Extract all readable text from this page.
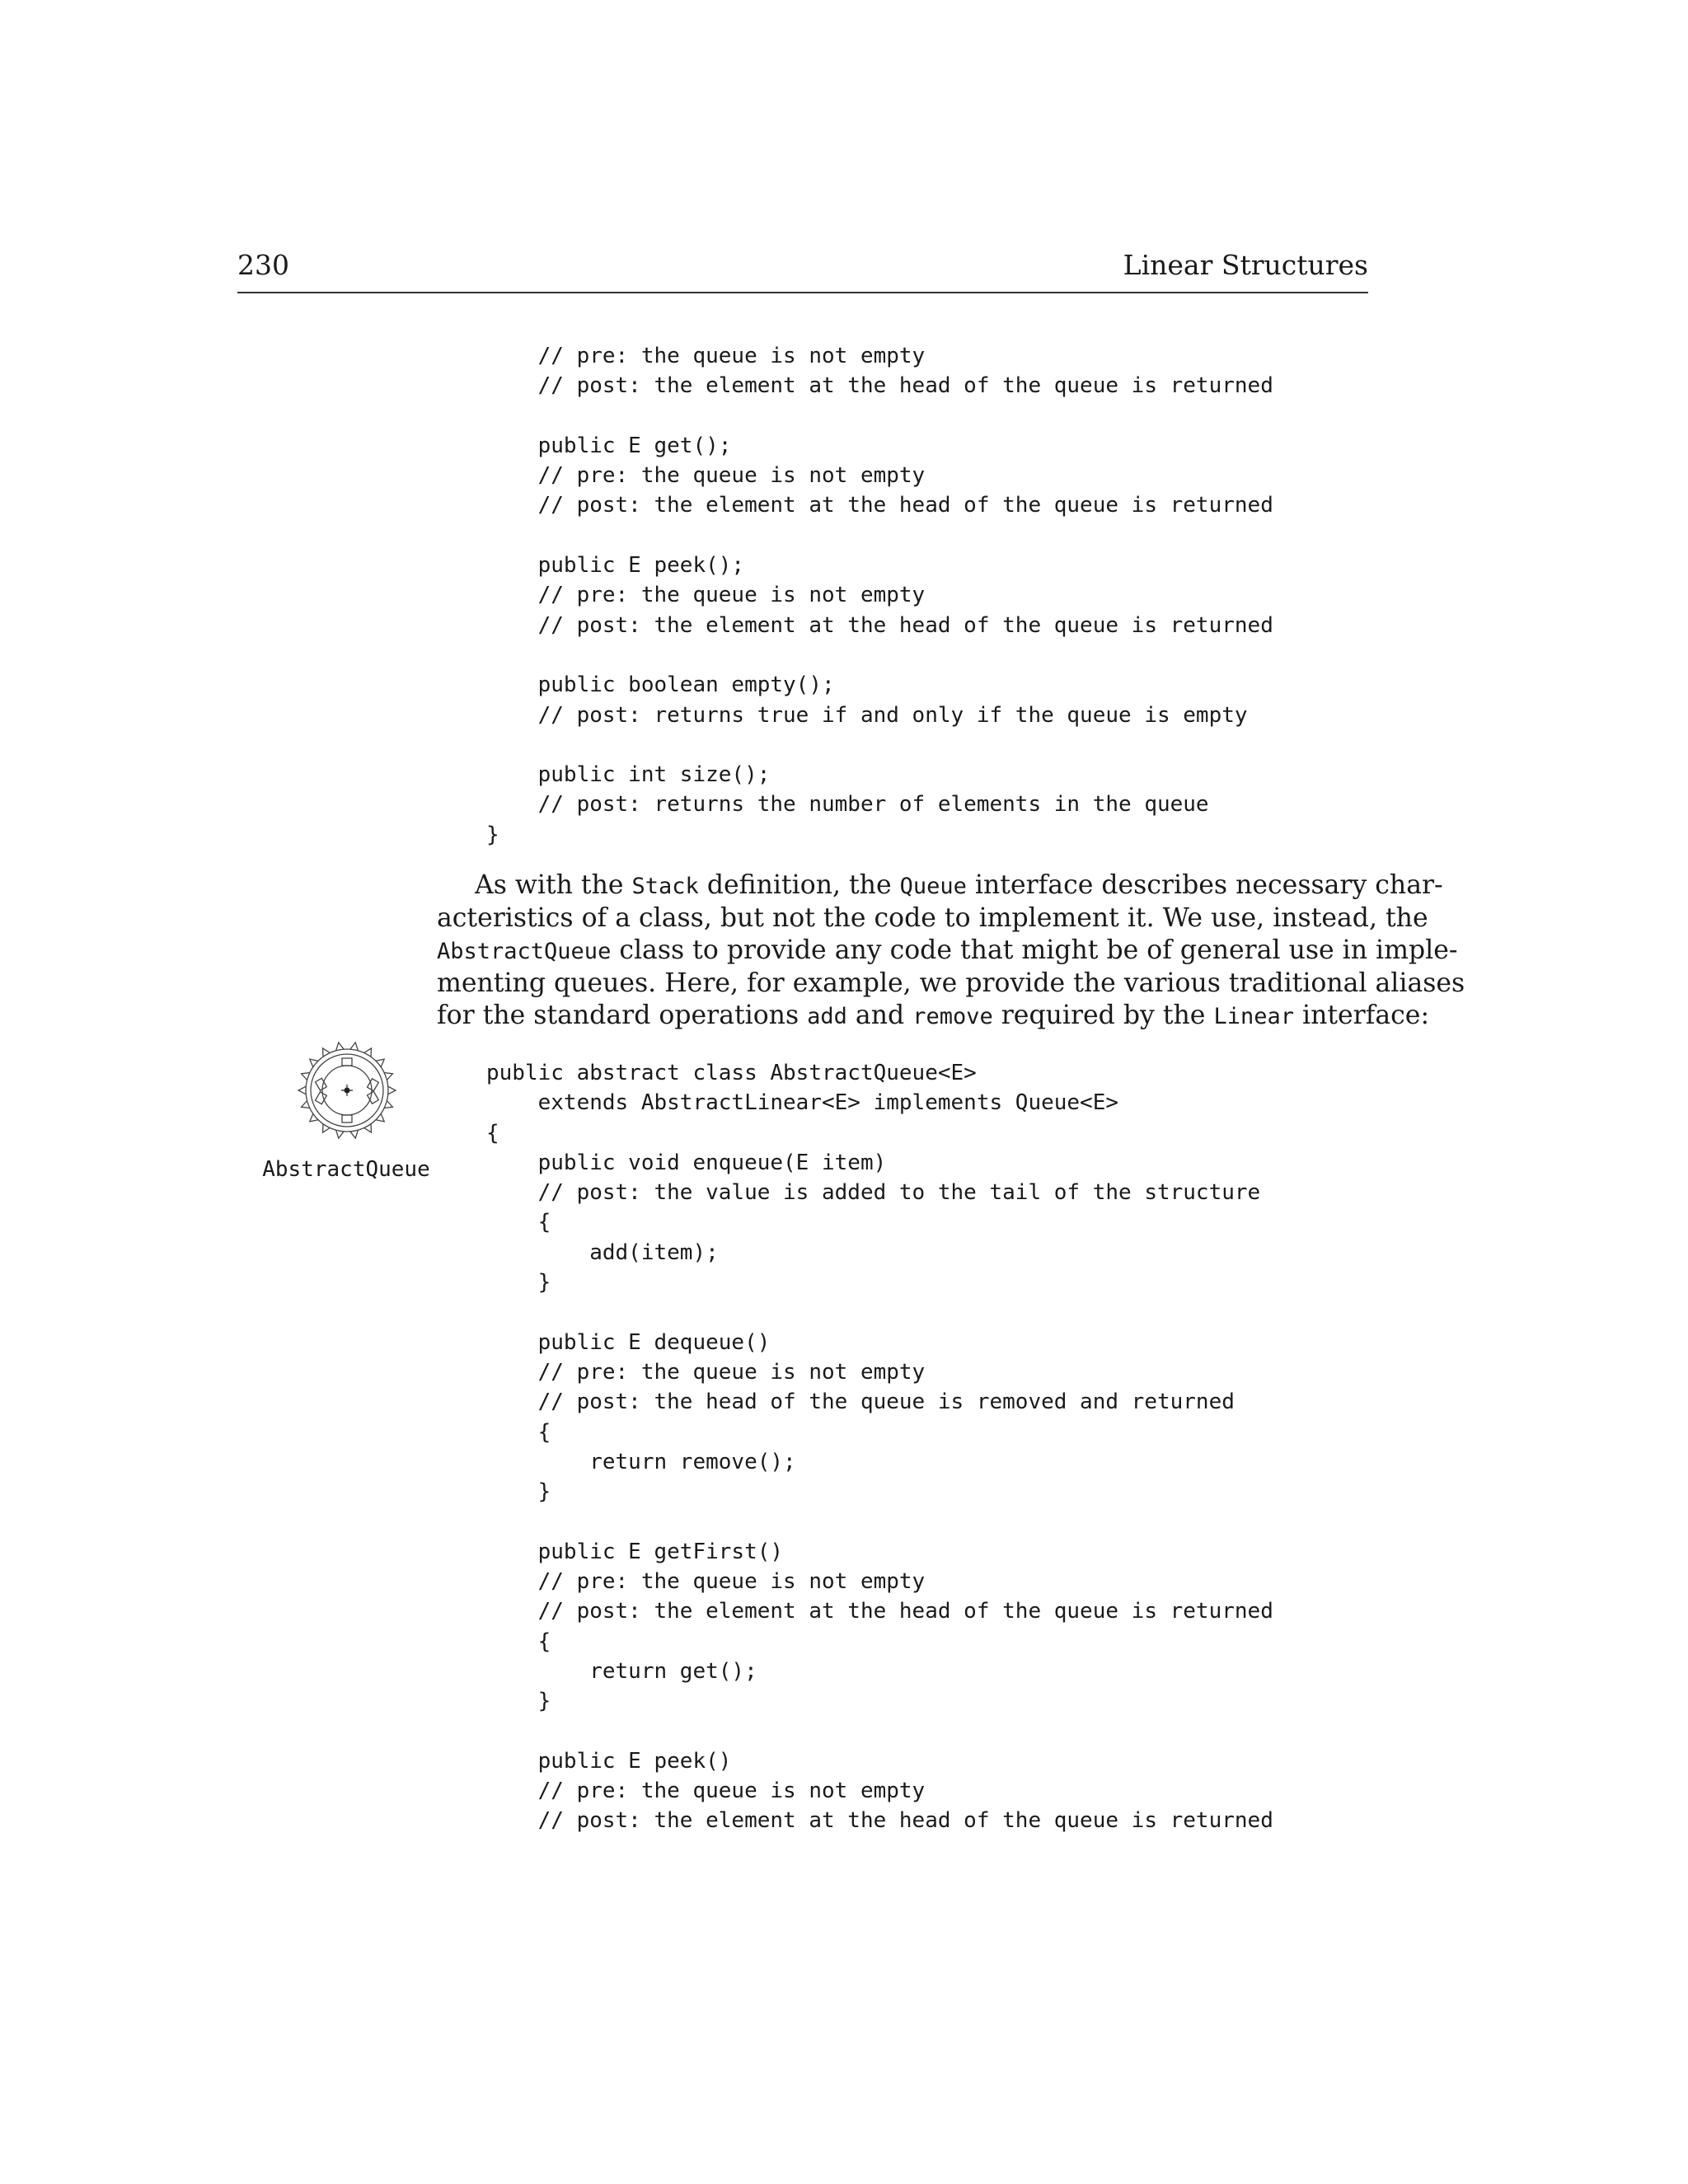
230	Linear Structures
// pre: the queue is not empty
// post: the element at the head of the queue is returned

public E get();
// pre: the queue is not empty
// post: the element at the head of the queue is returned

public E peek();
// pre: the queue is not empty
// post: the element at the head of the queue is returned

public boolean empty();
// post: returns true if and only if the queue is empty

public int size();
// post: returns the number of elements in the queue
}

As with the Stack definition, the Queue interface describes necessary char-
acteristics of a class, but not the code to implement it. We use, instead, the
AbstractQueue class to provide any code that might be of general use in imple-
menting queues. Here, for example, we provide the various traditional aliases
for the standard operations add and remove required by the Linear interface:

AbstractQueue
public abstract class AbstractQueue<E>
extends AbstractLinear<E> implements Queue<E>
{
public void enqueue(E item)
// post: the value is added to the tail of the structure
{
add(item);
}

public E dequeue()
// pre: the queue is not empty
// post: the head of the queue is removed and returned
{
return remove();
}

public E getFirst()
// pre: the queue is not empty
// post: the element at the head of the queue is returned
{
return get();
}

public E peek()
// pre: the queue is not empty
// post: the element at the head of the queue is returned
